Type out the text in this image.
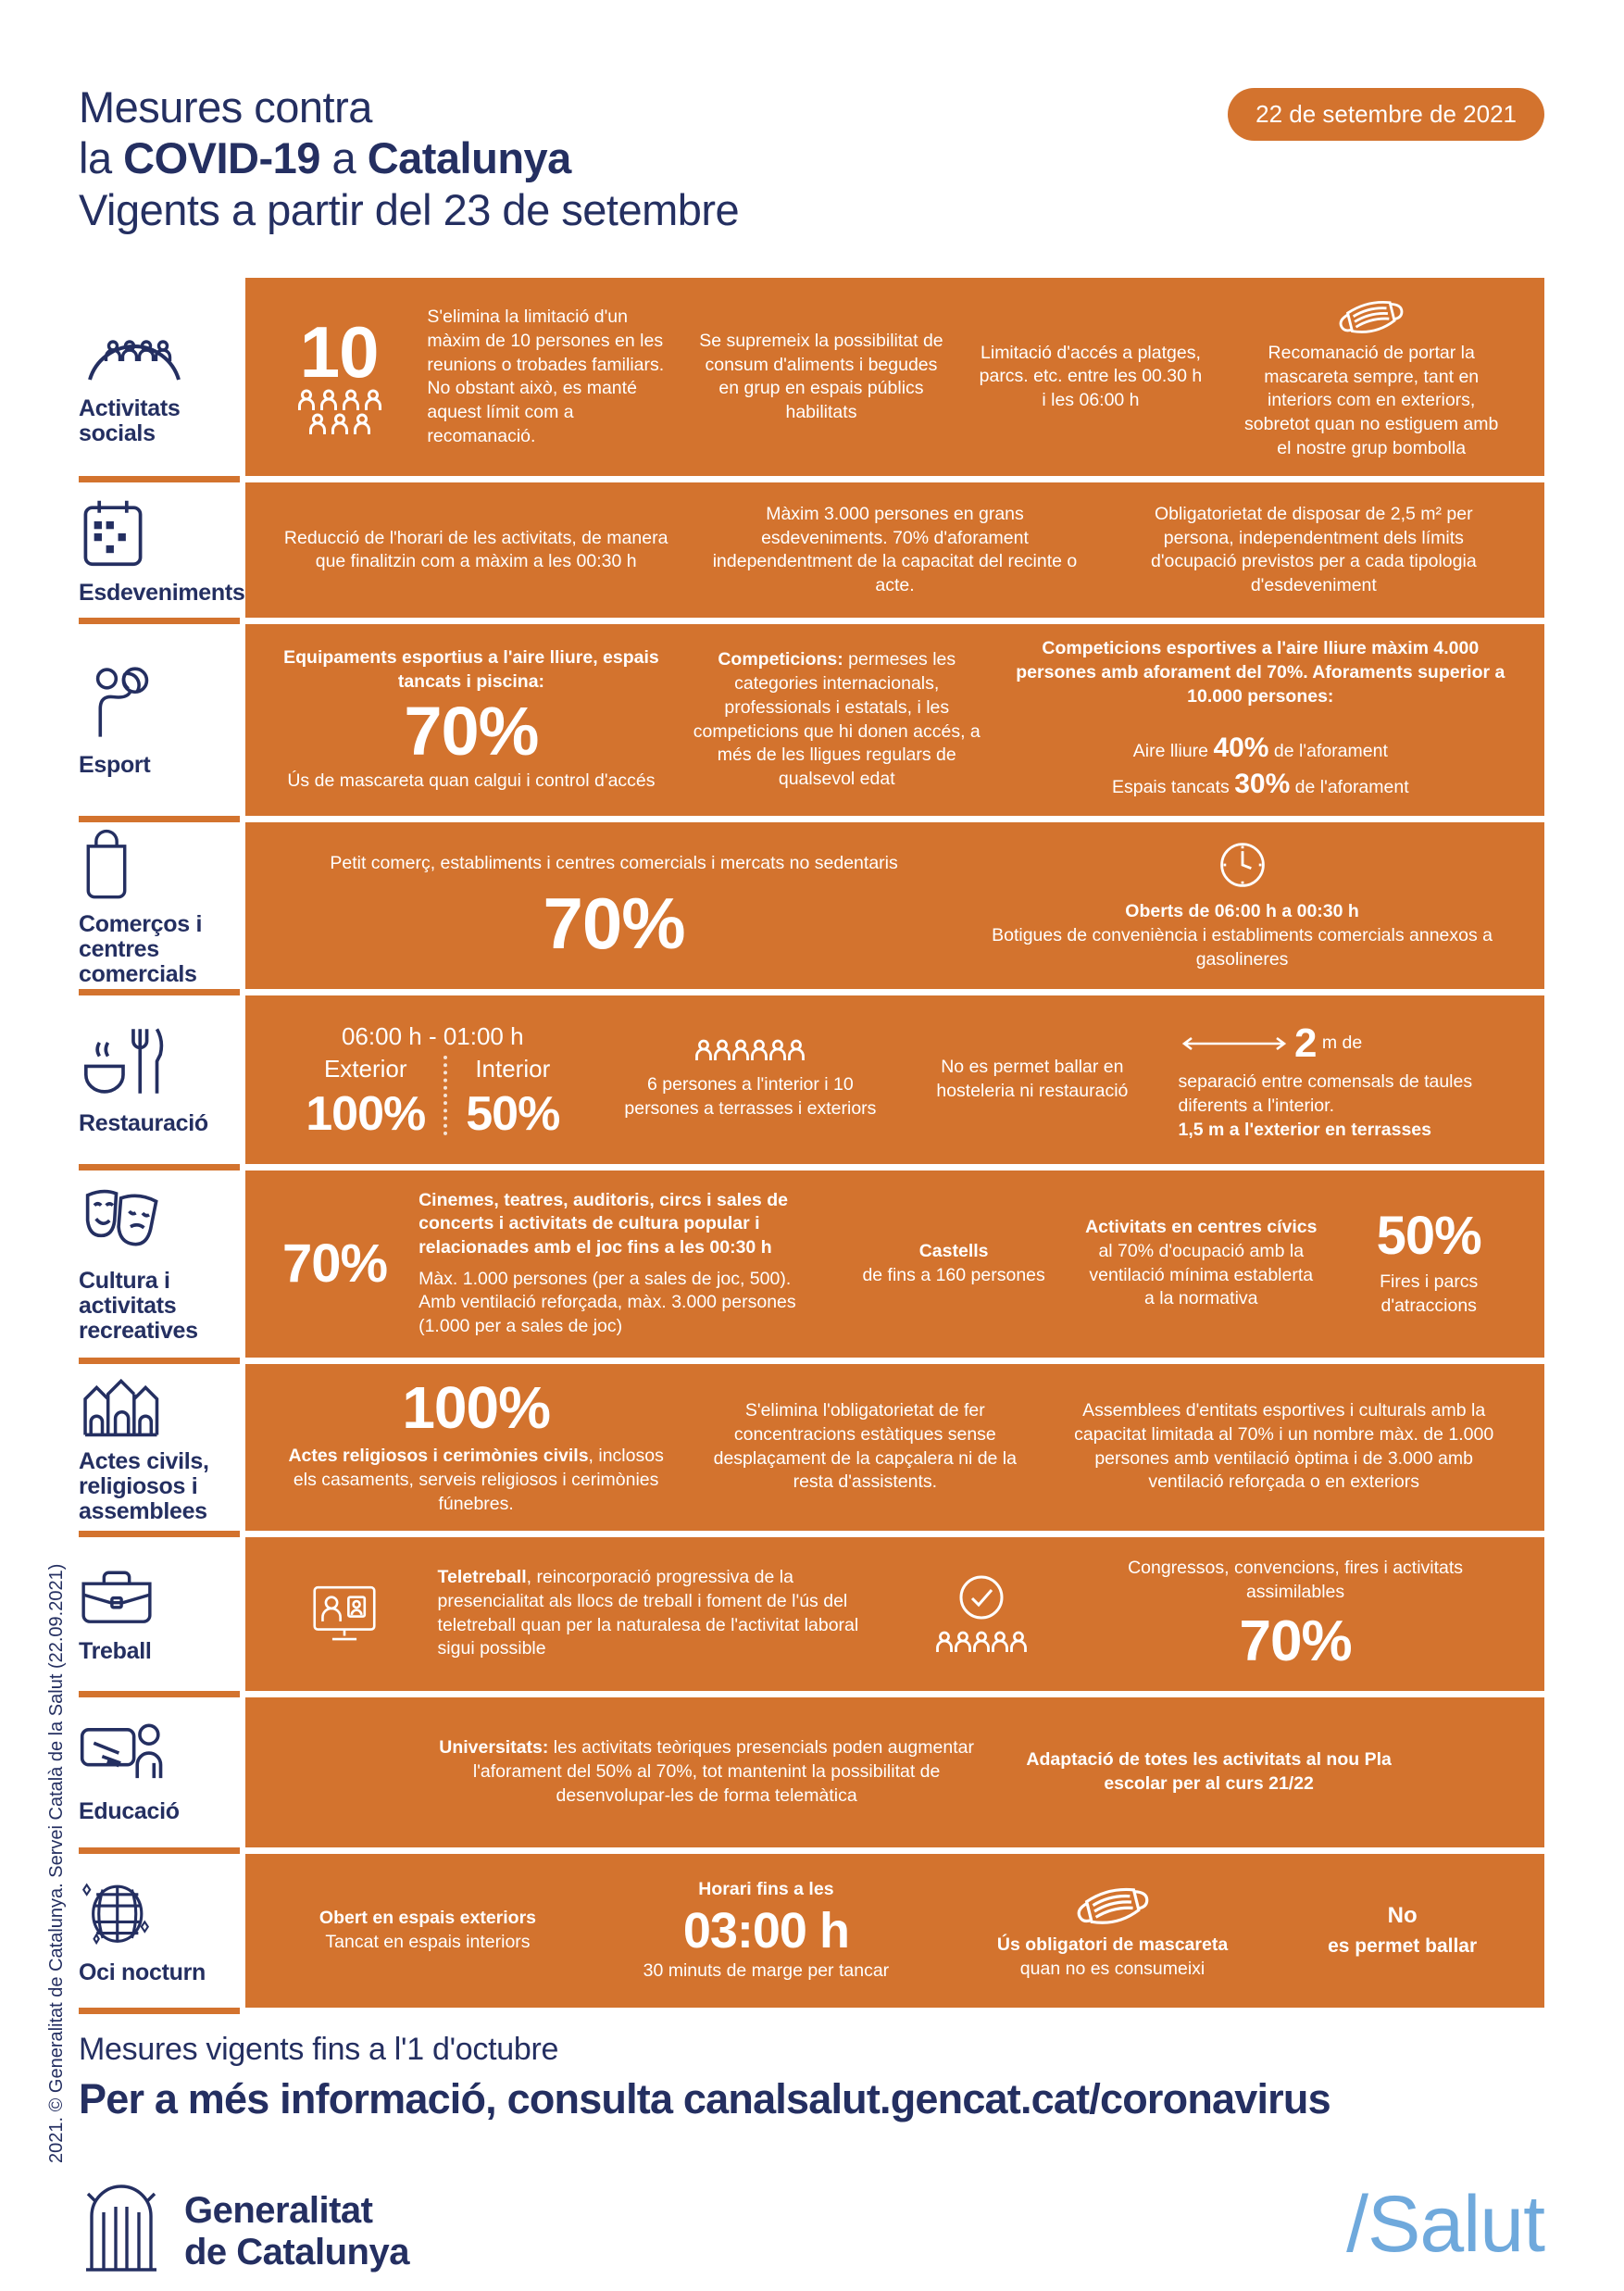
2021. © Generalitat de Catalunya. Servei Català de la Salut (22.09.2021)
Mesures contra
la COVID-19 a Catalunya
Vigents a partir del 23 de setembre
22 de setembre de 2021
Activitats socials
10	S'elimina la limitació d'un màxim de 10 persones en les reunions o trobades familiars. No obstant això, es manté aquest límit com a recomanació.
Se supremeix la possibilitat de consum d'aliments i begudes en grup en espais públics habilitats
Limitació d'accés a platges, parcs. etc. entre les 00.30 h i les 06:00 h
Recomanació de portar la mascareta sempre, tant en interiors com en exteriors, sobretot quan no estiguem amb el nostre grup bombolla
Esdeveniments
Reducció de l'horari de les activitats, de manera que finalitzin com a màxim a les 00:30 h
Màxim 3.000 persones en grans esdeveniments. 70% d'aforament independentment de la capacitat del recinte o acte.
Obligatorietat de disposar de 2,5 m² per persona, independentment dels límits d'ocupació previstos per a cada tipologia d'esdeveniment
Esport
Equipaments esportius a l'aire lliure, espais tancats i piscina:
70%
Ús de mascareta quan calgui i control d'accés
Competicions: permeses les categories internacionals, professionals i estatals, i les competicions que hi donen accés, a més de les lligues regulars de qualsevol edat
Competicions esportives a l'aire lliure màxim 4.000 persones amb aforament del 70%. Aforaments superior a 10.000 persones:
Aire lliure 40% de l'aforament
Espais tancats 30% de l'aforament
Comerços i centres comercials
Petit comerç, establiments i centres comercials i mercats no sedentaris
70%	Oberts de 06:00 h a 00:30 h
Botigues de conveniència i establiments comercials annexos a gasolineres
Restauració
06:00 h - 01:00 h
Exterior
100%
Interior
50%
6 persones a l'interior i 10 persones a terrasses i exteriors
No es permet ballar en hosteleria ni restauració
2 m de
separació entre comensals de taules diferents a l'interior.
1,5 m a l'exterior en terrasses
Cultura i activitats recreatives
70%
Cinemes, teatres, auditoris, circs i sales de concerts i activitats de cultura popular i relacionades amb el joc fins a les 00:30 h
Màx. 1.000 persones (per a sales de joc, 500). Amb ventilació reforçada, màx. 3.000 persones (1.000 per a sales de joc)
Castells
de fins a 160 persones
Activitats en centres cívics al 70% d'ocupació amb la ventilació mínima establerta a la normativa
50%
Fires i parcs d'atraccions
Actes civils, religiosos i assemblees
100%
Actes religiosos i cerimònies civils, inclosos els casaments, serveis religiosos i cerimònies fúnebres.
S'elimina l'obligatorietat de fer concentracions estàtiques sense desplaçament de la capçalera ni de la resta d'assistents.
Assemblees d'entitats esportives i culturals amb la capacitat limitada al 70% i un nombre màx. de 1.000 persones amb ventilació òptima i de 3.000 amb ventilació reforçada o en exteriors
Treball
Teletreball, reincorporació progressiva de la presencialitat als llocs de treball i foment de l'ús del teletreball quan per la naturalesa de l'activitat laboral sigui possible
Congressos, convencions, fires i activitats assimilables
70%
Educació
Universitats: les activitats teòriques presencials poden augmentar l'aforament del 50% al 70%, tot mantenint la possibilitat de desenvolupar-les de forma telemàtica
Adaptació de totes les activitats al nou Pla escolar per al curs 21/22
Oci nocturn
Obert en espais exteriors
Tancat en espais interiors
Horari fins a les
03:00 h
30 minuts de marge per tancar
Ús obligatori de mascareta
quan no es consumeixi
No
es permet ballar
Mesures vigents fins a l'1 d'octubre
Per a més informació, consulta canalsalut.gencat.cat/coronavirus
Generalitat
de Catalunya	/Salut
